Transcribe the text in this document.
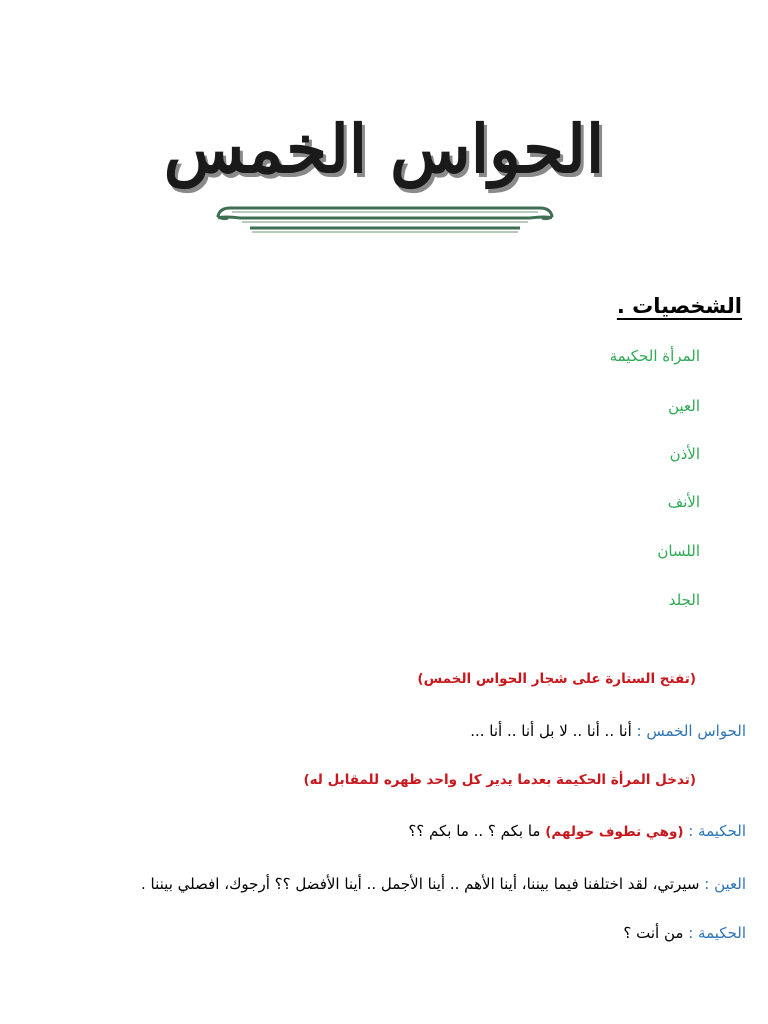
الحواس الخمس
الشخصيات .
المرأة الحكيمة
العين
الأذن
الأنف
اللسان
الجلد
(تفتح الستارة على شجار الحواس الخمس)
الحواس الخمس : أنا .. أنا .. لا بل أنا .. أنا ...
(تدخل المرأة الحكيمة بعدما يدير كل واحد ظهره للمقابل له)
الحكيمة : (وهي تطوف حولهم) ما بكم ؟ .. ما بكم ؟؟
العين : سيرتي، لقد اختلفنا فيما بيننا، أينا الأهم .. أينا الأجمل .. أينا الأفضل ؟؟ أرجوك، افصلي بيننا .
الحكيمة : من أنت ؟
